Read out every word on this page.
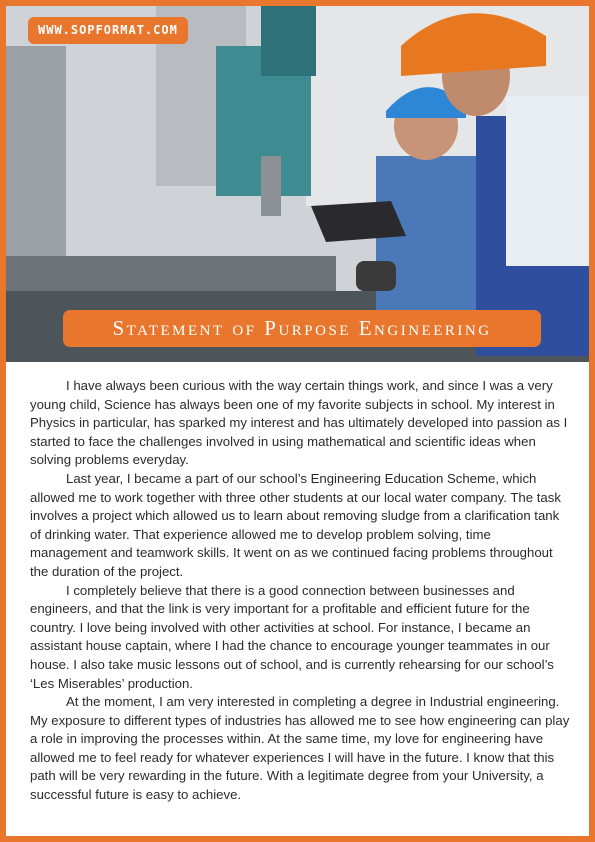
WWW.SOPFORMAT.COM
Statement of Purpose Engineering

I have always been curious with the way certain things work, and since I was a very young child, Science has always been one of my favorite subjects in school. My interest in Physics in particular, has sparked my interest and has ultimately developed into passion as I started to face the challenges involved in using mathematical and scientific ideas when solving problems everyday.

Last year, I became a part of our school’s Engineering Education Scheme, which allowed me to work together with three other students at our local water company. The task involves a project which allowed us to learn about removing sludge from a clarification tank of drinking water. That experience allowed me to develop problem solving, time management and teamwork skills. It went on as we continued facing problems throughout the duration of the project.

I completely believe that there is a good connection between businesses and engineers, and that the link is very important for a profitable and efficient future for the country. I love being involved with other activities at school. For instance, I became an assistant house captain, where I had the chance to encourage younger teammates in our house. I also take music lessons out of school, and is currently rehearsing for our school’s ‘Les Miserables’ production.

At the moment, I am very interested in completing a degree in Industrial engineering. My exposure to different types of industries has allowed me to see how engineering can play a role in improving the processes within. At the same time, my love for engineering have allowed me to feel ready for whatever experiences I will have in the future. I know that this path will be very rewarding in the future. With a legitimate degree from your University, a successful future is easy to achieve.
